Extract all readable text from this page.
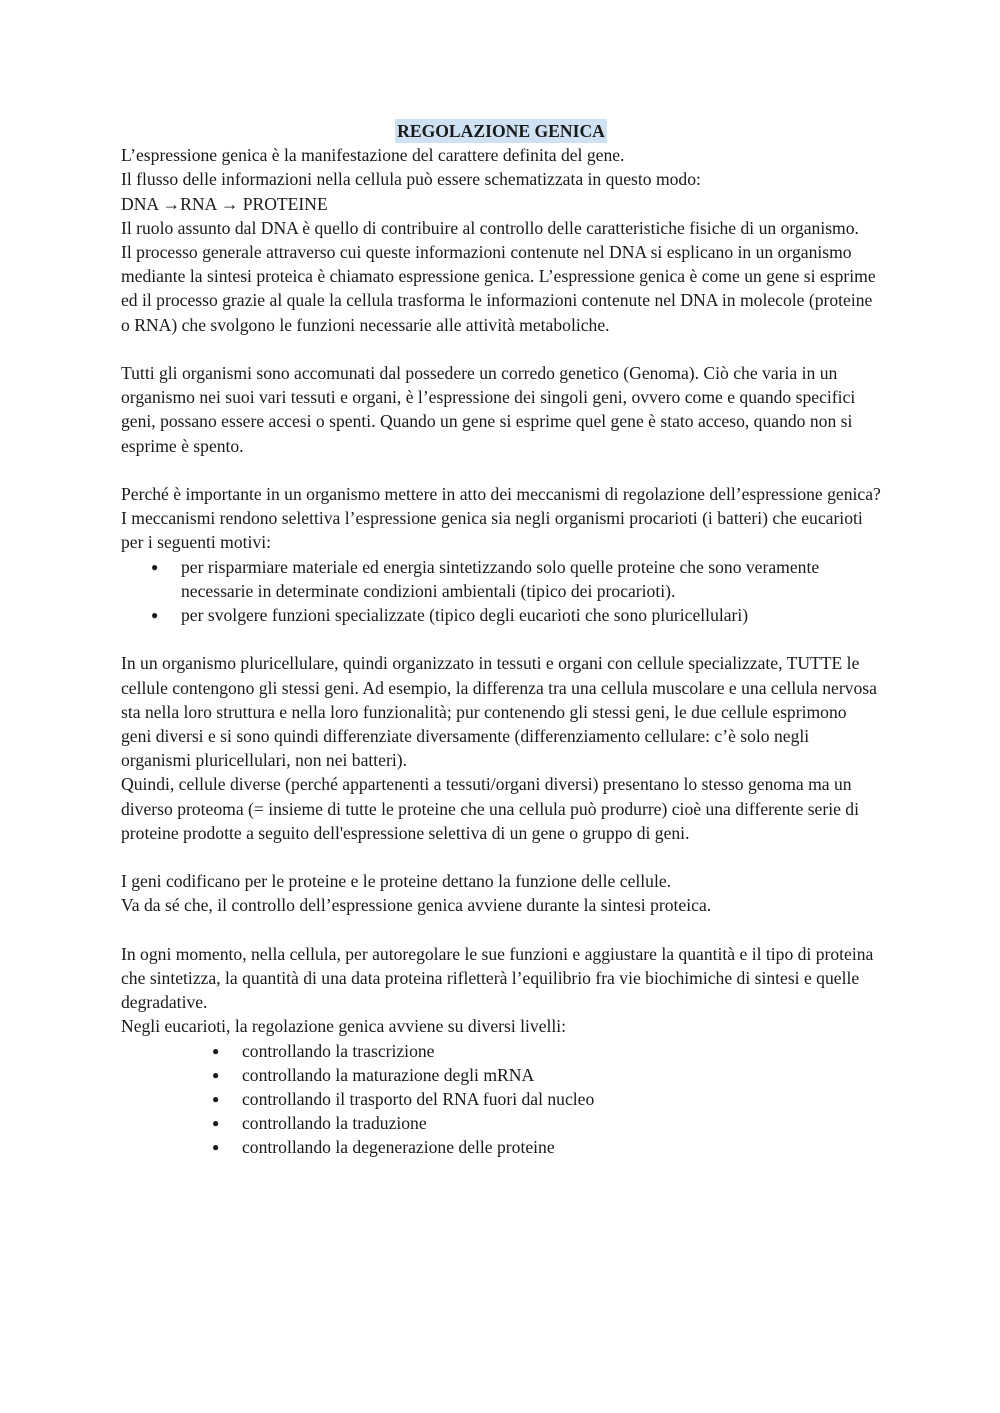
REGOLAZIONE GENICA

L’espressione genica è la manifestazione del carattere definita del gene.

Il flusso delle informazioni nella cellula può essere schematizzata in questo modo:

DNA →RNA → PROTEINE

Il ruolo assunto dal DNA è quello di contribuire al controllo delle caratteristiche fisiche di un organismo.

Il processo generale attraverso cui queste informazioni contenute nel DNA si esplicano in un organismo mediante la sintesi proteica è chiamato espressione genica. L’espressione genica è come un gene si esprime ed il processo grazie al quale la cellula trasforma le informazioni contenute nel DNA in molecole (proteine o RNA) che svolgono le funzioni necessarie alle attività metaboliche.

Tutti gli organismi sono accomunati dal possedere un corredo genetico (Genoma). Ciò che varia in un organismo nei suoi vari tessuti e organi, è l’espressione dei singoli geni, ovvero come e quando specifici geni, possano essere accesi o spenti. Quando un gene si esprime quel gene è stato acceso, quando non si esprime è spento.

Perché è importante in un organismo mettere in atto dei meccanismi di regolazione dell’espressione genica?

I meccanismi rendono selettiva l’espressione genica sia negli organismi procarioti (i batteri) che eucarioti per i seguenti motivi:

● per risparmiare materiale ed energia sintetizzando solo quelle proteine che sono veramente necessarie in determinate condizioni ambientali (tipico dei procarioti).
● per svolgere funzioni specializzate (tipico degli eucarioti che sono pluricellulari)

In un organismo pluricellulare, quindi organizzato in tessuti e organi con cellule specializzate, TUTTE le cellule contengono gli stessi geni. Ad esempio, la differenza tra una cellula muscolare e una cellula nervosa sta nella loro struttura e nella loro funzionalità; pur contenendo gli stessi geni, le due cellule esprimono geni diversi e si sono quindi differenziate diversamente (differenziamento cellulare: c’è solo negli organismi pluricellulari, non nei batteri).

Quindi, cellule diverse (perché appartenenti a tessuti/organi diversi) presentano lo stesso genoma ma un diverso proteoma (= insieme di tutte le proteine che una cellula può produrre) cioè una differente serie di proteine prodotte a seguito dell'espressione selettiva di un gene o gruppo di geni.

I geni codificano per le proteine e le proteine dettano la funzione delle cellule.

Va da sé che, il controllo dell’espressione genica avviene durante la sintesi proteica.

In ogni momento, nella cellula, per autoregolare le sue funzioni e aggiustare la quantità e il tipo di proteina che sintetizza, la quantità di una data proteina rifletterà l’equilibrio fra vie biochimiche di sintesi e quelle degradative.

Negli eucarioti, la regolazione genica avviene su diversi livelli:

● controllando la trascrizione
● controllando la maturazione degli mRNA
● controllando il trasporto del RNA fuori dal nucleo
● controllando la traduzione
● controllando la degenerazione delle proteine
